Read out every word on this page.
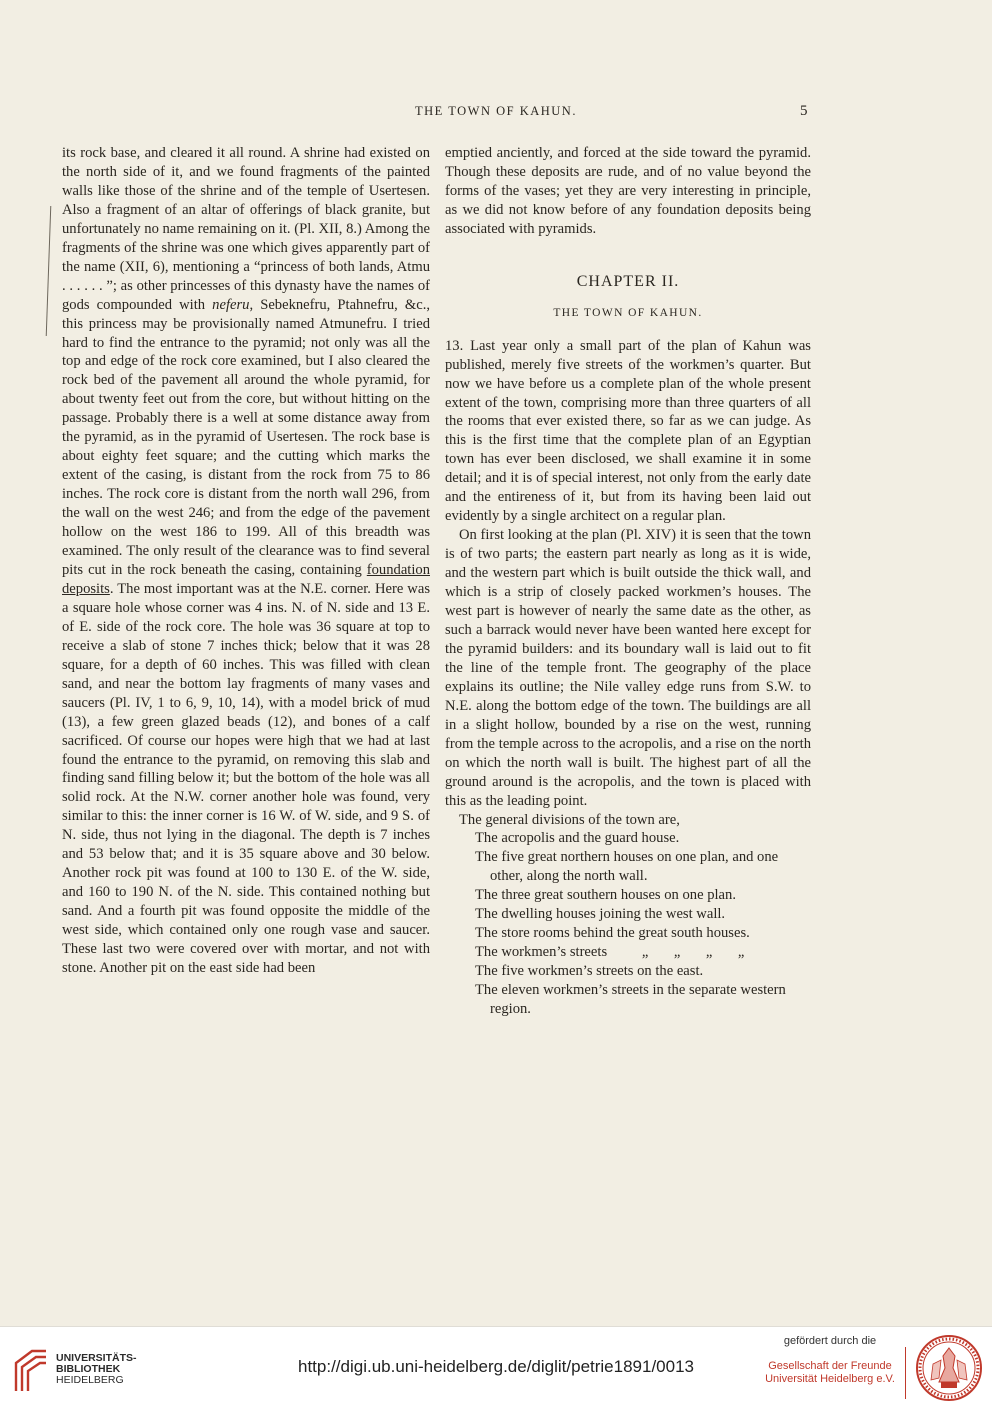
THE TOWN OF KAHUN.	5

its rock base, and cleared it all round. A shrine had existed on the north side of it, and we found fragments of the painted walls like those of the shrine and of the temple of Usertesen. Also a fragment of an altar of offerings of black granite, but unfortunately no name remaining on it. (Pl. XII, 8.) Among the fragments of the shrine was one which gives apparently part of the name (XII, 6), mentioning a “princess of both lands, Atmu . . . . . . ”; as other princesses of this dynasty have the names of gods compounded with neferu, Sebeknefru, Ptahnefru, &c., this princess may be provisionally named Atmunefru. I tried hard to find the entrance to the pyramid; not only was all the top and edge of the rock core examined, but I also cleared the rock bed of the pavement all around the whole pyramid, for about twenty feet out from the core, but without hitting on the passage. Probably there is a well at some distance away from the pyramid, as in the pyramid of Usertesen. The rock base is about eighty feet square; and the cutting which marks the extent of the casing, is distant from the rock from 75 to 86 inches. The rock core is distant from the north wall 296, from the wall on the west 246; and from the edge of the pavement hollow on the west 186 to 199. All of this breadth was examined. The only result of the clearance was to find several pits cut in the rock beneath the casing, containing foundation deposits. The most important was at the N.E. corner. Here was a square hole whose corner was 4 ins. N. of N. side and 13 E. of E. side of the rock core. The hole was 36 square at top to receive a slab of stone 7 inches thick; below that it was 28 square, for a depth of 60 inches. This was filled with clean sand, and near the bottom lay fragments of many vases and saucers (Pl. IV, 1 to 6, 9, 10, 14), with a model brick of mud (13), a few green glazed beads (12), and bones of a calf sacrificed. Of course our hopes were high that we had at last found the entrance to the pyramid, on removing this slab and finding sand filling below it; but the bottom of the hole was all solid rock. At the N.W. corner another hole was found, very similar to this: the inner corner is 16 W. of W. side, and 9 S. of N. side, thus not lying in the diagonal. The depth is 7 inches and 53 below that; and it is 35 square above and 30 below. Another rock pit was found at 100 to 130 E. of the W. side, and 160 to 190 N. of the N. side. This contained nothing but sand. And a fourth pit was found opposite the middle of the west side, which contained only one rough vase and saucer. These last two were covered over with mortar, and not with stone. Another pit on the east side had been

emptied anciently, and forced at the side toward the pyramid. Though these deposits are rude, and of no value beyond the forms of the vases; yet they are very interesting in principle, as we did not know before of any foundation deposits being associated with pyramids.

CHAPTER II.
THE TOWN OF KAHUN.

13. Last year only a small part of the plan of Kahun was published, merely five streets of the workmen’s quarter. But now we have before us a complete plan of the whole present extent of the town, comprising more than three quarters of all the rooms that ever existed there, so far as we can judge. As this is the first time that the complete plan of an Egyptian town has ever been disclosed, we shall examine it in some detail; and it is of special interest, not only from the early date and the entireness of it, but from its having been laid out evidently by a single architect on a regular plan.

On first looking at the plan (Pl. XIV) it is seen that the town is of two parts; the eastern part nearly as long as it is wide, and the western part which is built outside the thick wall, and which is a strip of closely packed workmen’s houses. The west part is however of nearly the same date as the other, as such a barrack would never have been wanted here except for the pyramid builders: and its boundary wall is laid out to fit the line of the temple front. The geography of the place explains its outline; the Nile valley edge runs from S.W. to N.E. along the bottom edge of the town. The buildings are all in a slight hollow, bounded by a rise on the west, running from the temple across to the acropolis, and a rise on the north on which the north wall is built. The highest part of all the ground around is the acropolis, and the town is placed with this as the leading point.

The general divisions of the town are,

The acropolis and the guard house.
The five great northern houses on one plan, and one other, along the north wall.
The three great southern houses on one plan.
The dwelling houses joining the west wall.
The store rooms behind the great south houses.
The workmen’s streets „ „ „ „
The five workmen’s streets on the east.
The eleven workmen’s streets in the separate western region.
UNIVERSITÄTS-
BIBLIOTHEK
HEIDELBERG
http://digi.ub.uni-heidelberg.de/diglit/petrie1891/0013
gefördert durch die
Gesellschaft der Freunde
Universität Heidelberg e.V.
